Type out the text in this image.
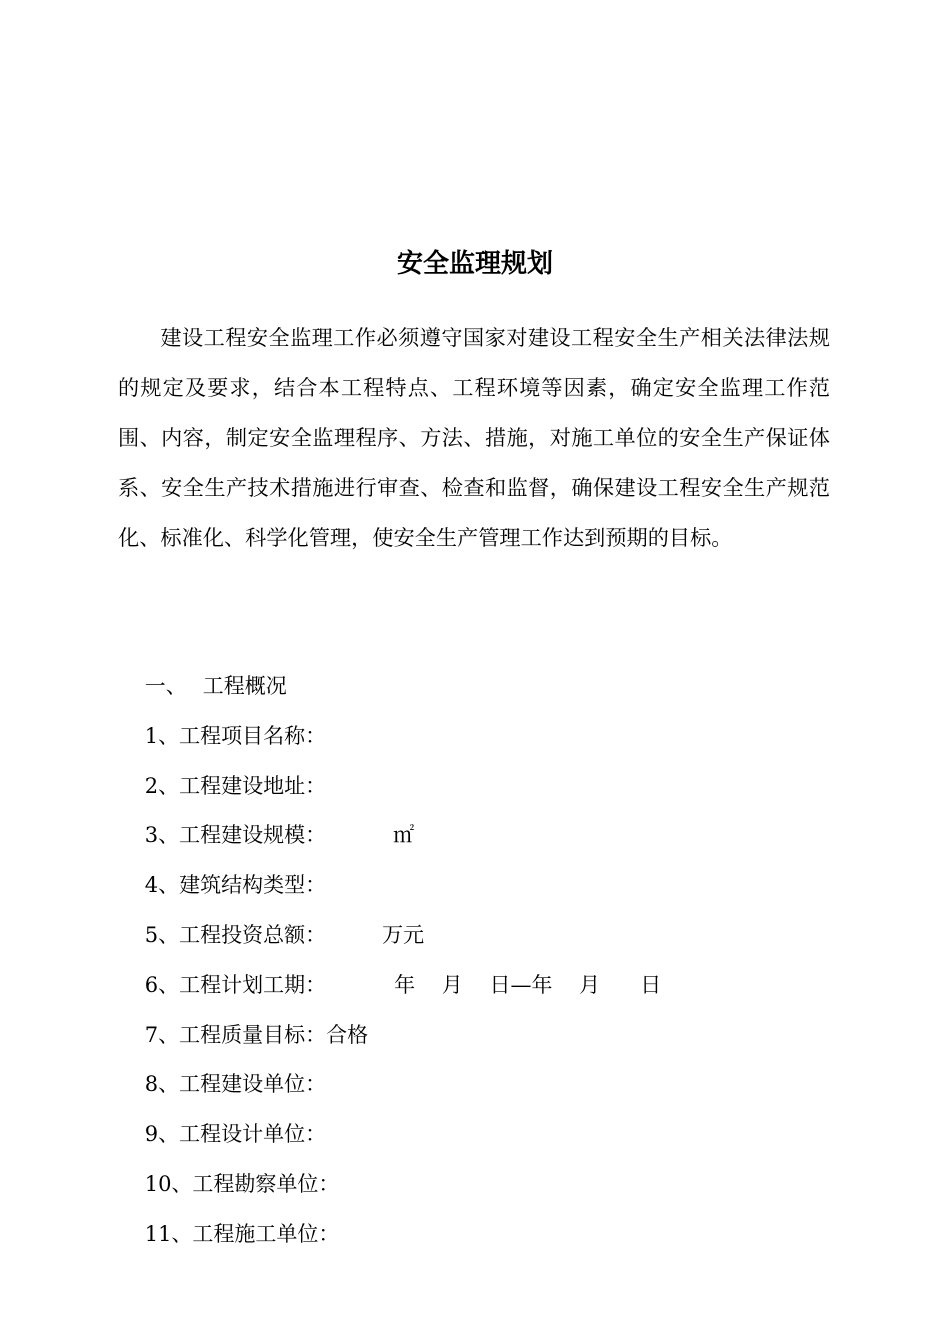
安全监理规划

建设工程安全监理工作必须遵守国家对建设工程安全生产相关法律法规的规定及要求，结合本工程特点、工程环境等因素，确定安全监理工作范围、内容，制定安全监理程序、方法、措施，对施工单位的安全生产保证体系、安全生产技术措施进行审查、检查和监督，确保建设工程安全生产规范化、标准化、科学化管理，使安全生产管理工作达到预期的目标。

一、 工程概况

1、工程项目名称：

2、工程建设地址：

3、工程建设规模：	㎡

4、建筑结构类型：

5、工程投资总额：	万元

6、工程计划工期：	年    月    日—年    月      日

7、工程质量目标：合格

8、工程建设单位：

9、工程设计单位：

10、工程勘察单位：

11、工程施工单位：
